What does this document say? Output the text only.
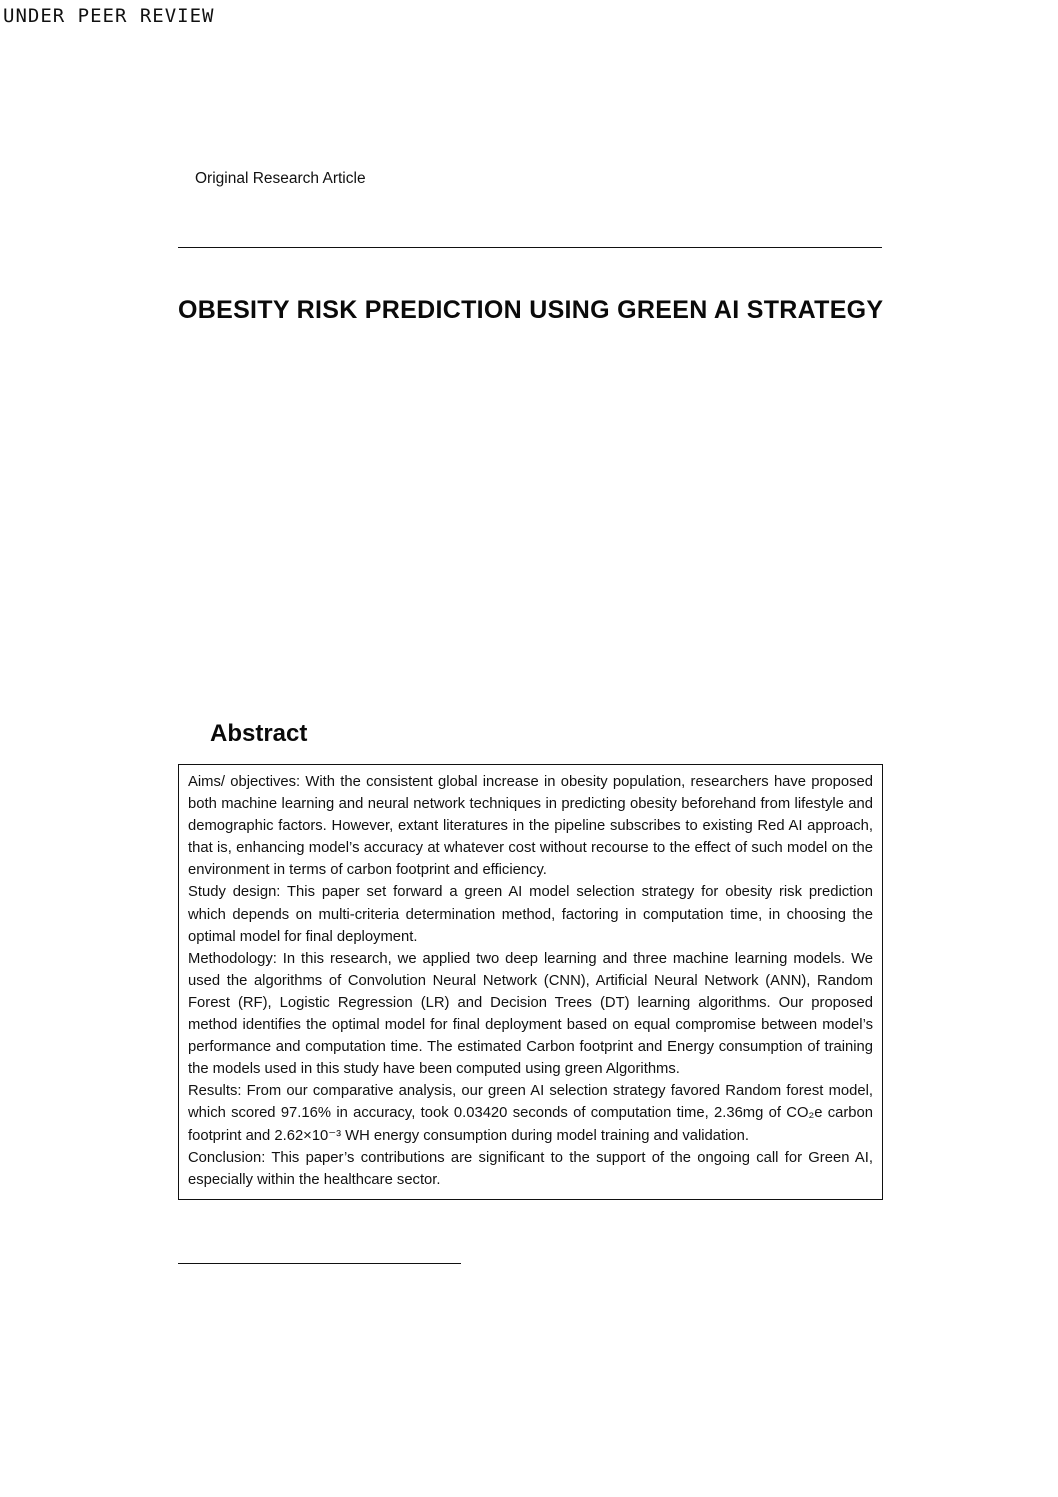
UNDER PEER REVIEW
Original Research Article
OBESITY RISK PREDICTION USING GREEN AI STRATEGY
Abstract

Aims/ objectives: With the consistent global increase in obesity population, researchers have proposed both machine learning and neural network techniques in predicting obesity beforehand from lifestyle and demographic factors. However, extant literatures in the pipeline subscribes to existing Red AI approach, that is, enhancing model’s accuracy at whatever cost without recourse to the effect of such model on the environment in terms of carbon footprint and efficiency.

Study design: This paper set forward a green AI model selection strategy for obesity risk prediction which depends on multi-criteria determination method, factoring in computation time, in choosing the optimal model for final deployment.

Methodology: In this research, we applied two deep learning and three machine learning models. We used the algorithms of Convolution Neural Network (CNN), Artificial Neural Network (ANN), Random Forest (RF), Logistic Regression (LR) and Decision Trees (DT) learning algorithms. Our proposed method identifies the optimal model for final deployment based on equal compromise between model’s performance and computation time. The estimated Carbon footprint and Energy consumption of training the models used in this study have been computed using green Algorithms.

Results: From our comparative analysis, our green AI selection strategy favored Random forest model, which scored 97.16% in accuracy, took 0.03420 seconds of computation time, 2.36mg of CO₂e carbon footprint and 2.62×10⁻³ WH energy consumption during model training and validation.

Conclusion: This paper’s contributions are significant to the support of the ongoing call for Green AI, especially within the healthcare sector.
